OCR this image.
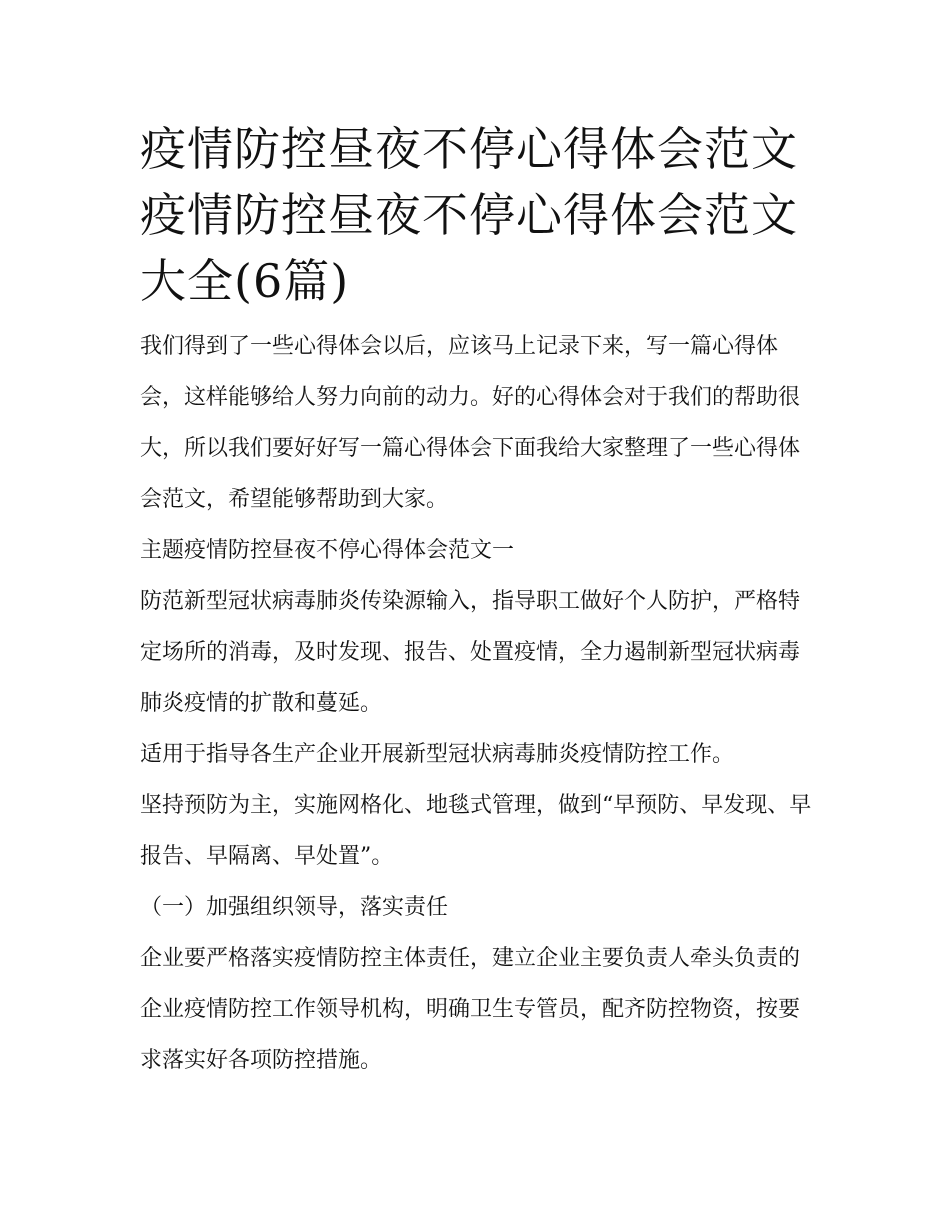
疫情防控昼夜不停心得体会范文 疫情防控昼夜不停心得体会范文大全(6篇)

我们得到了一些心得体会以后，应该马上记录下来，写一篇心得体会，这样能够给人努力向前的动力。好的心得体会对于我们的帮助很大，所以我们要好好写一篇心得体会下面我给大家整理了一些心得体会范文，希望能够帮助到大家。

主题疫情防控昼夜不停心得体会范文一

防范新型冠状病毒肺炎传染源输入，指导职工做好个人防护，严格特定场所的消毒，及时发现、报告、处置疫情，全力遏制新型冠状病毒肺炎疫情的扩散和蔓延。

适用于指导各生产企业开展新型冠状病毒肺炎疫情防控工作。

坚持预防为主，实施网格化、地毯式管理，做到“早预防、早发现、早报告、早隔离、早处置”。

（一）加强组织领导，落实责任

企业要严格落实疫情防控主体责任，建立企业主要负责人牵头负责的企业疫情防控工作领导机构，明确卫生专管员，配齐防控物资，按要求落实好各项防控措施。
